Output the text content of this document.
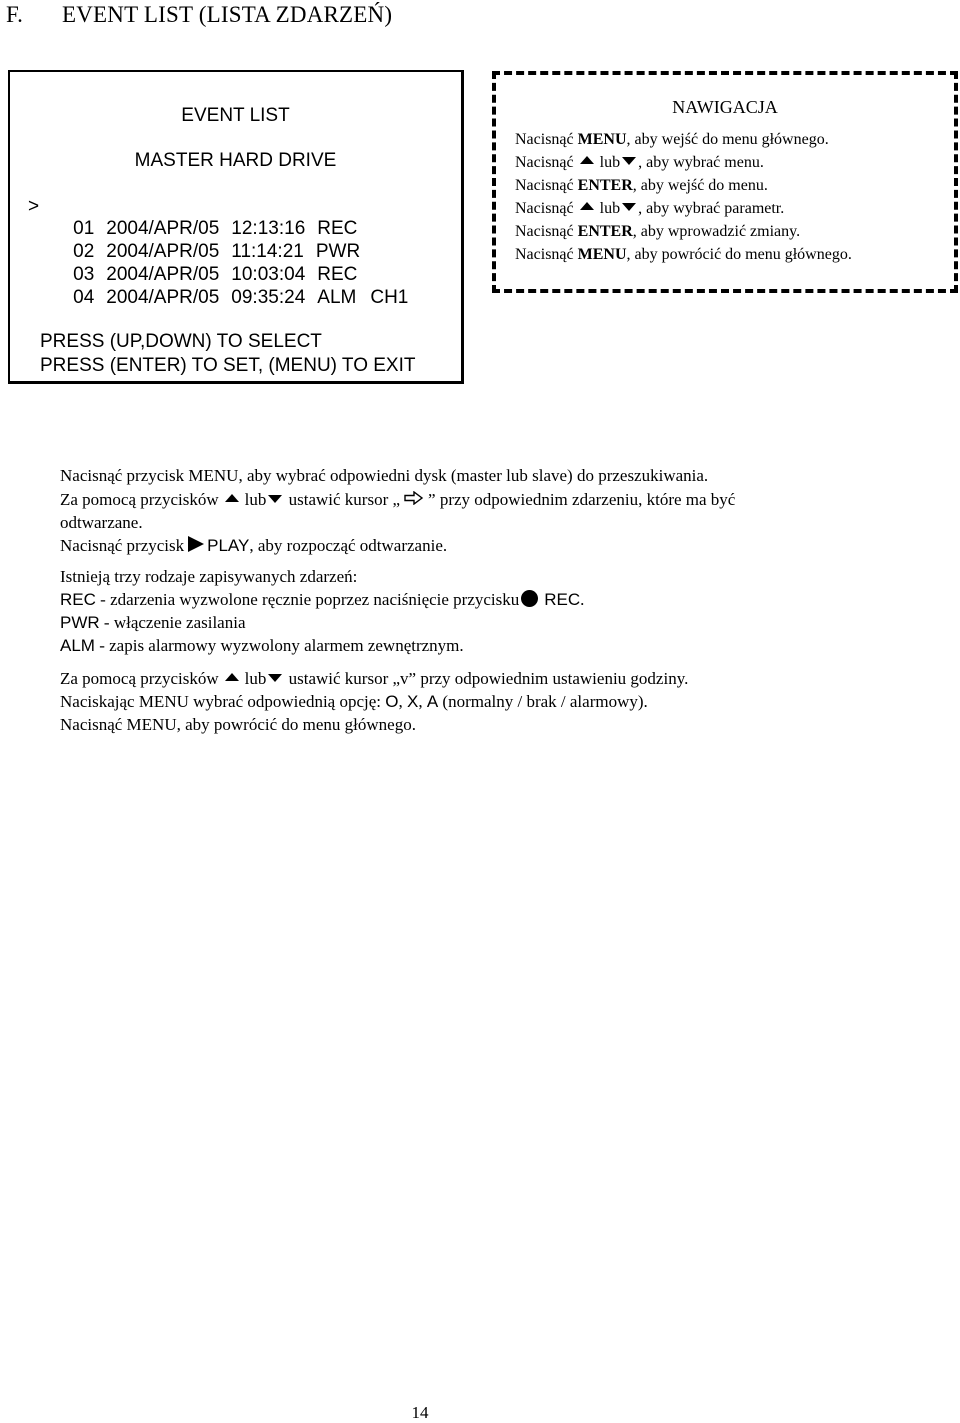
F. EVENT LIST (LISTA ZDARZEŃ)
EVENT LIST
MASTER HARD DRIVE
>

01 2004/APR/05 12:13:16 REC

02 2004/APR/05 11:14:21 PWR

03 2004/APR/05 10:03:04 REC

04 2004/APR/05 09:35:24 ALM CH1

PRESS (UP,DOWN) TO SELECT
PRESS (ENTER) TO SET, (MENU) TO EXIT
NAWIGACJA
Nacisnąć MENU, aby wejść do menu głównego.
Nacisnąć lub , aby wybrać menu.
Nacisnąć ENTER, aby wejść do menu.
Nacisnąć lub , aby wybrać parametr.
Nacisnąć ENTER, aby wprowadzić zmiany.
Nacisnąć MENU, aby powrócić do menu głównego.
Nacisnąć przycisk MENU, aby wybrać odpowiedni dysk (master lub slave) do przeszukiwania.
Za pomocą przycisków lub ustawić kursor „ ” przy odpowiednim zdarzeniu, które ma być
odtwarzane.
Nacisnąć przycisk PLAY, aby rozpocząć odtwarzanie.
Istnieją trzy rodzaje zapisywanych zdarzeń:
REC - zdarzenia wyzwolone ręcznie poprzez naciśnięcie przycisku REC.
PWR - włączenie zasilania
ALM - zapis alarmowy wyzwolony alarmem zewnętrznym.
Za pomocą przycisków lub ustawić kursor „v” przy odpowiednim ustawieniu godziny.
Naciskając MENU wybrać odpowiednią opcję: O, X, A (normalny / brak / alarmowy).
Nacisnąć MENU, aby powrócić do menu głównego.
14
